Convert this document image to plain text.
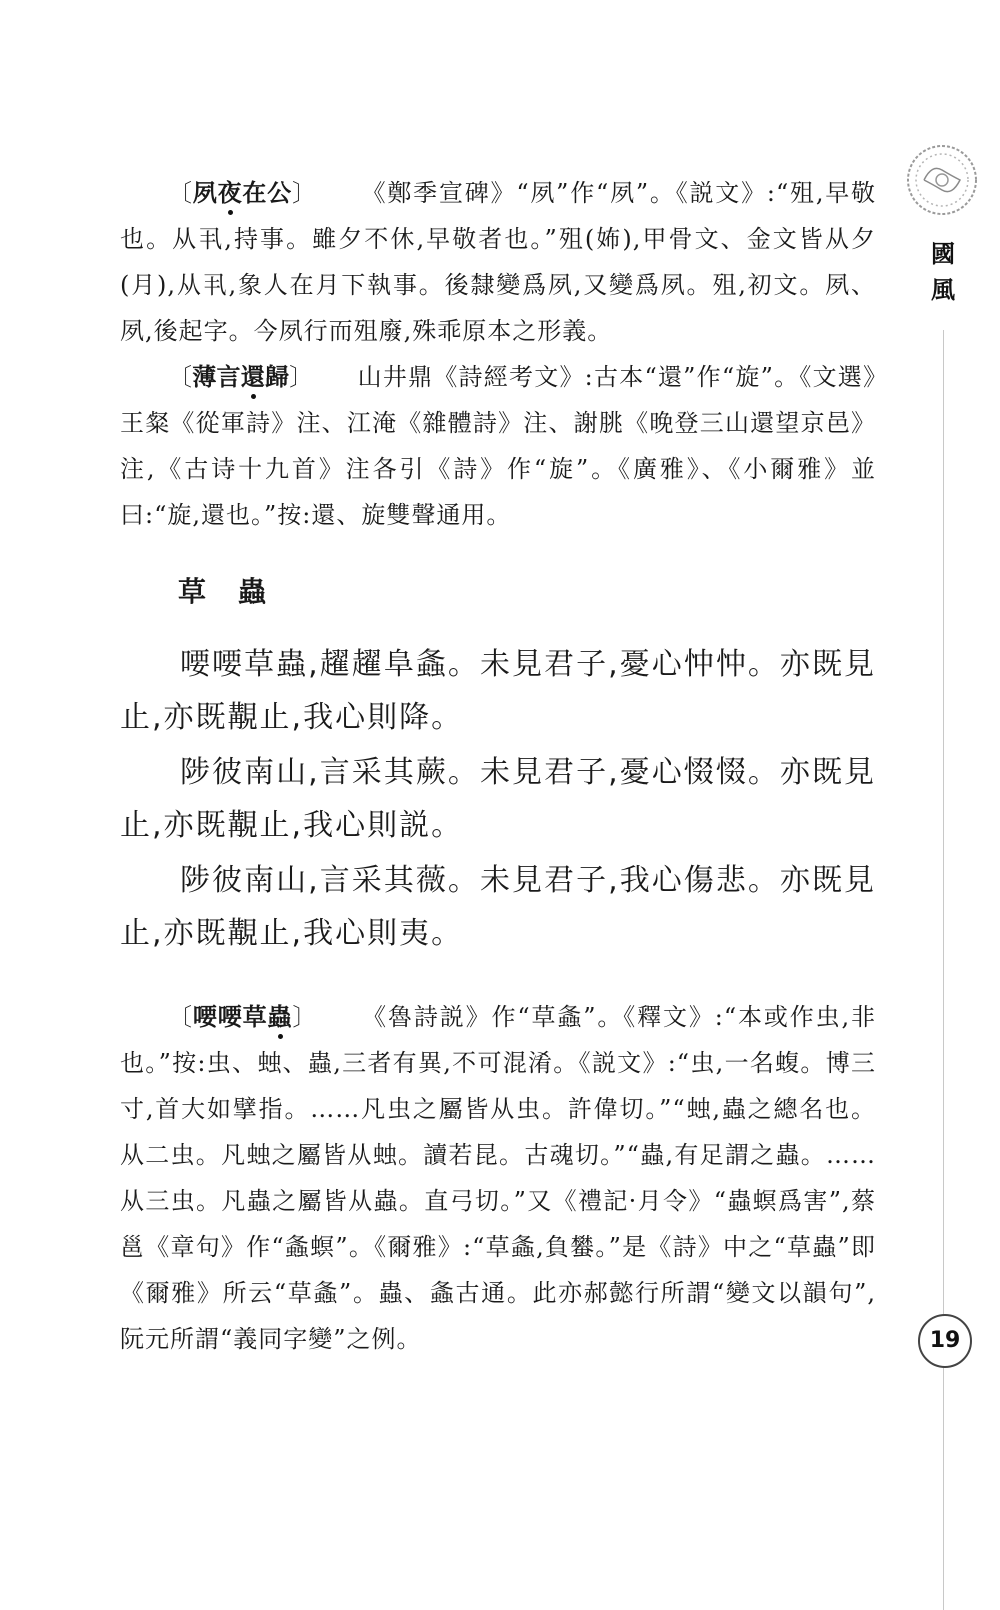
國
風

〔夙夜在公〕 《鄭季宣碑》“夙”作“夙”。《説文》:“殂,早敬也。从丮,持事。雖夕不休,早敬者也。”殂(㚴),甲骨文、金文皆从夕(月),从丮,象人在月下執事。後隸變爲夙,又變爲夙。殂,初文。夙、夙,後起字。今夙行而殂廢,殊乖原本之形義。

〔薄言還歸〕 山井鼎《詩經考文》:古本“還”作“旋”。《文選》王粲《從軍詩》注、江淹《雜體詩》注、謝朓《晚登三山還望京邑》注,《古诗十九首》注各引《詩》作“旋”。《廣雅》、《小爾雅》並曰:“旋,還也。”按:還、旋雙聲通用。

草蟲

喓喓草蟲,趯趯阜螽。未見君子,憂心忡忡。亦既見止,亦既覯止,我心則降。

陟彼南山,言采其蕨。未見君子,憂心惙惙。亦既見止,亦既覯止,我心則説。

陟彼南山,言采其薇。未見君子,我心傷悲。亦既見止,亦既覯止,我心則夷。

〔喓喓草蟲〕 《魯詩説》作“草螽”。《釋文》:“本或作虫,非也。”按:虫、䖵、蟲,三者有異,不可混淆。《説文》:“虫,一名蝮。博三寸,首大如擘指。……凡虫之屬皆从虫。許偉切。”“䖵,蟲之總名也。从二虫。凡䖵之屬皆从䖵。讀若昆。古魂切。”“蟲,有足謂之蟲。……从三虫。凡蟲之屬皆从蟲。直弓切。”又《禮記·月令》“蟲螟爲害”,蔡邕《章句》作“螽螟”。《爾雅》:“草螽,負蠜。”是《詩》中之“草蟲”即《爾雅》所云“草螽”。蟲、螽古通。此亦郝懿行所謂“變文以韻句”,阮元所謂“義同字變”之例。	19
